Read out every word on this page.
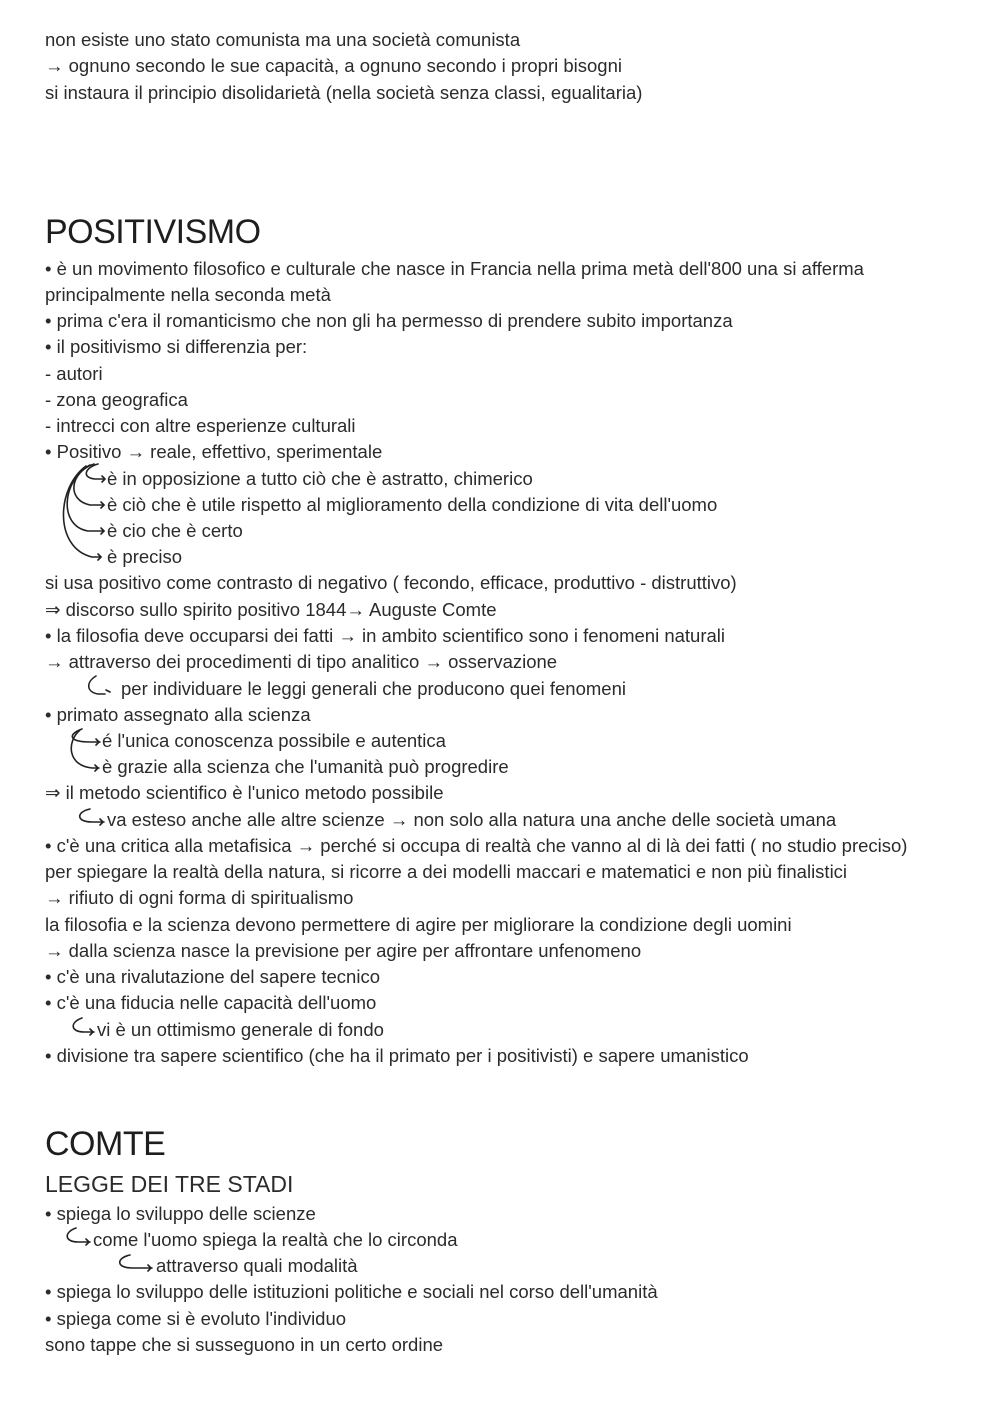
non esiste uno stato comunista ma una società comunista
→ ognuno secondo le sue capacità, a ognuno secondo i propri bisogni
si instaura il principio disolidarietà (nella società senza classi, egualitaria)
POSITIVISMO
• è un movimento filosofico e culturale che nasce in Francia nella prima metà dell'800 una si afferma
principalmente nella seconda metà
• prima c'era il romanticismo che non gli ha permesso di prendere subito importanza
• il positivismo si differenzia per:
- autori
- zona geografica
- intrecci con altre esperienze culturali
• Positivo → reale, effettivo, sperimentale
è in opposizione a tutto ciò che è astratto, chimerico
è ciò che è utile rispetto al miglioramento della condizione di vita dell'uomo
è cio che è certo
è preciso
si usa positivo come contrasto di negativo ( fecondo, efficace, produttivo - distruttivo)
⇒ discorso sullo spirito positivo 1844→ Auguste Comte
• la filosofia deve occuparsi dei fatti → in ambito scientifico sono i fenomeni naturali
→ attraverso dei procedimenti di tipo analitico → osservazione
per individuare le leggi generali che producono quei fenomeni
• primato assegnato alla scienza
é l'unica conoscenza possibile e autentica
è grazie alla scienza che l'umanità può progredire
⇒ il metodo scientifico è l'unico metodo possibile
va esteso anche alle altre scienze → non solo alla natura una anche delle società umana
• c'è una critica alla metafisica → perché si occupa di realtà che vanno al di là dei fatti ( no studio preciso)
per spiegare la realtà della natura, si ricorre a dei modelli maccari e matematici e non più finalistici
→ rifiuto di ogni forma di spiritualismo
la filosofia e la scienza devono permettere di agire per migliorare la condizione degli uomini
→ dalla scienza nasce la previsione per agire per affrontare unfenomeno
• c'è una rivalutazione del sapere tecnico
• c'è una fiducia nelle capacità dell'uomo
vi è un ottimismo generale di fondo
• divisione tra sapere scientifico (che ha il primato per i positivisti) e sapere umanistico
COMTE
LEGGE DEI TRE STADI
• spiega lo sviluppo delle scienze
come l'uomo spiega la realtà che lo circonda
attraverso quali modalità
• spiega lo sviluppo delle istituzioni politiche e sociali nel corso dell'umanità
• spiega come si è evoluto l'individuo
sono tappe che si susseguono in un certo ordine
